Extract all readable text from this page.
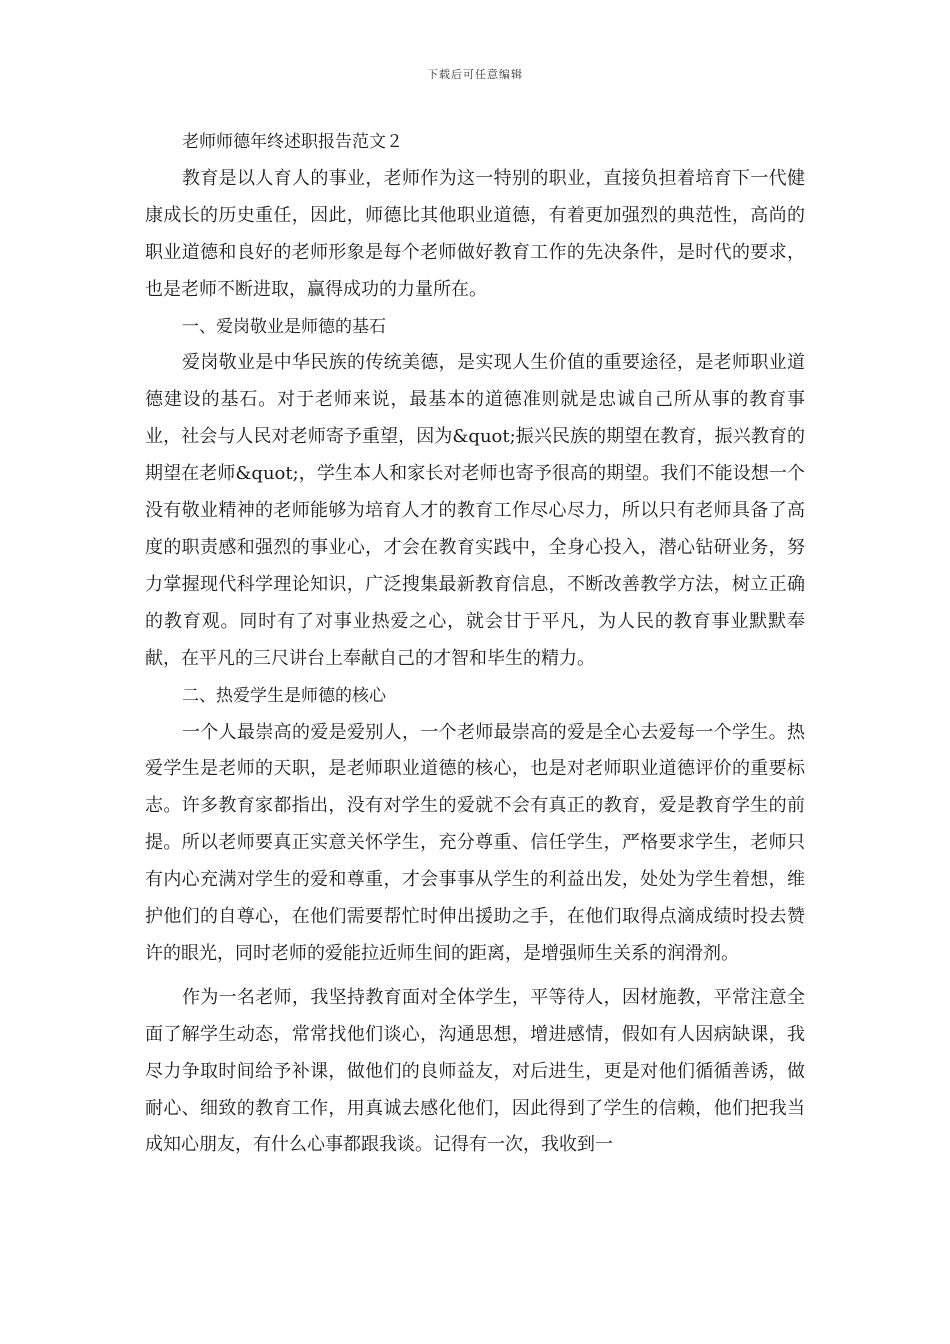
下载后可任意编辑

老师师德年终述职报告范文２

教育是以人育人的事业，老师作为这一特别的职业，直接负担着培育下一代健康成长的历史重任，因此，师德比其他职业道德，有着更加强烈的典范性，高尚的职业道德和良好的老师形象是每个老师做好教育工作的先决条件，是时代的要求，也是老师不断进取，赢得成功的力量所在。

一、爱岗敬业是师德的基石

爱岗敬业是中华民族的传统美德，是实现人生价值的重要途径，是老师职业道德建设的基石。对于老师来说，最基本的道德准则就是忠诚自己所从事的教育事业，社会与人民对老师寄予重望，因为&quot;振兴民族的期望在教育，振兴教育的期望在老师&quot;，学生本人和家长对老师也寄予很高的期望。我们不能设想一个没有敬业精神的老师能够为培育人才的教育工作尽心尽力，所以只有老师具备了高度的职责感和强烈的事业心，才会在教育实践中，全身心投入，潜心钻研业务，努力掌握现代科学理论知识，广泛搜集最新教育信息，不断改善教学方法，树立正确的教育观。同时有了对事业热爱之心，就会甘于平凡，为人民的教育事业默默奉献，在平凡的三尺讲台上奉献自己的才智和毕生的精力。

二、热爱学生是师德的核心

一个人最崇高的爱是爱别人，一个老师最崇高的爱是全心去爱每一个学生。热爱学生是老师的天职，是老师职业道德的核心，也是对老师职业道德评价的重要标志。许多教育家都指出，没有对学生的爱就不会有真正的教育，爱是教育学生的前提。所以老师要真正实意关怀学生，充分尊重、信任学生，严格要求学生，老师只有内心充满对学生的爱和尊重，才会事事从学生的利益出发，处处为学生着想，维护他们的自尊心，在他们需要帮忙时伸出援助之手，在他们取得点滴成绩时投去赞许的眼光，同时老师的爱能拉近师生间的距离，是增强师生关系的润滑剂。

作为一名老师，我坚持教育面对全体学生，平等待人，因材施教，平常注意全面了解学生动态，常常找他们谈心，沟通思想，增进感情，假如有人因病缺课，我尽力争取时间给予补课，做他们的良师益友，对后进生，更是对他们循循善诱，做耐心、细致的教育工作，用真诚去感化他们，因此得到了学生的信赖，他们把我当成知心朋友，有什么心事都跟我谈。记得有一次，我收到一
